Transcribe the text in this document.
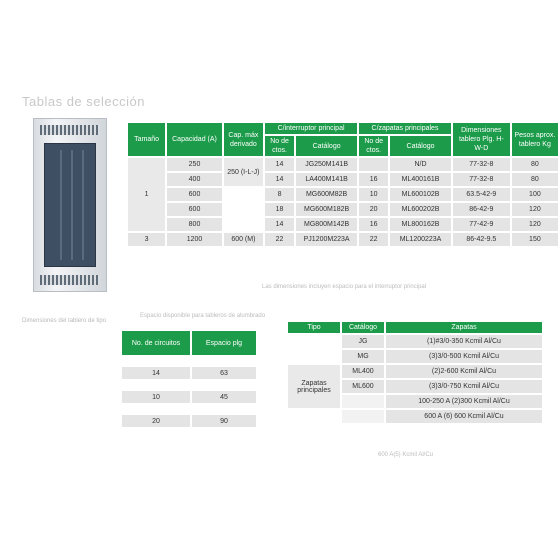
Tablas de selección
Dimensiones del tablero de tipo
Las dimensiones incluyen espacio para el interruptor principal
Espacio disponible para tableros de alumbrado
600 A(5) Kcmil Al/Cu
Tamaño	Capacidad (A)	Cap. máx derivado	C/interruptor principal		C/zapatas principales		Dimensiones tablero Plg. H-W-D	Pesos aprox. tablero Kg
			No de ctos.	Catálogo	No de ctos.	Catálogo		
1	250	250 (I-L-J)	14	JG250M141B		N/D	77-32-8	80
	400		14	LA400M141B	16	ML400161B	77-32-8	80
	600		8	MG600M82B	10	ML600102B	63.5-42-9	100
	600		18	MG600M182B	20	ML600202B	86-42-9	120
	800		14	MG800M142B	16	ML800162B	77-42-9	120
3	1200	600 (M)	22	PJ1200M223A	22	ML1200223A	86-42-9.5	150
No. de circuitos	Espacio plg

14	63

10	45

20	90
Tipo	Catálogo	Zapatas
	JG	(1)#3/0-350 Kcmil Al/Cu
	MG	(3)3/0-500 Kcmil Al/Cu
Zapatas principales	ML400	(2)2-600 Kcmil Al/Cu
	ML600	(3)3/0-750 Kcmil Al/Cu
		100-250 A (2)300 Kcmil Al/Cu
		600 A (6) 600 Kcmil Al/Cu
